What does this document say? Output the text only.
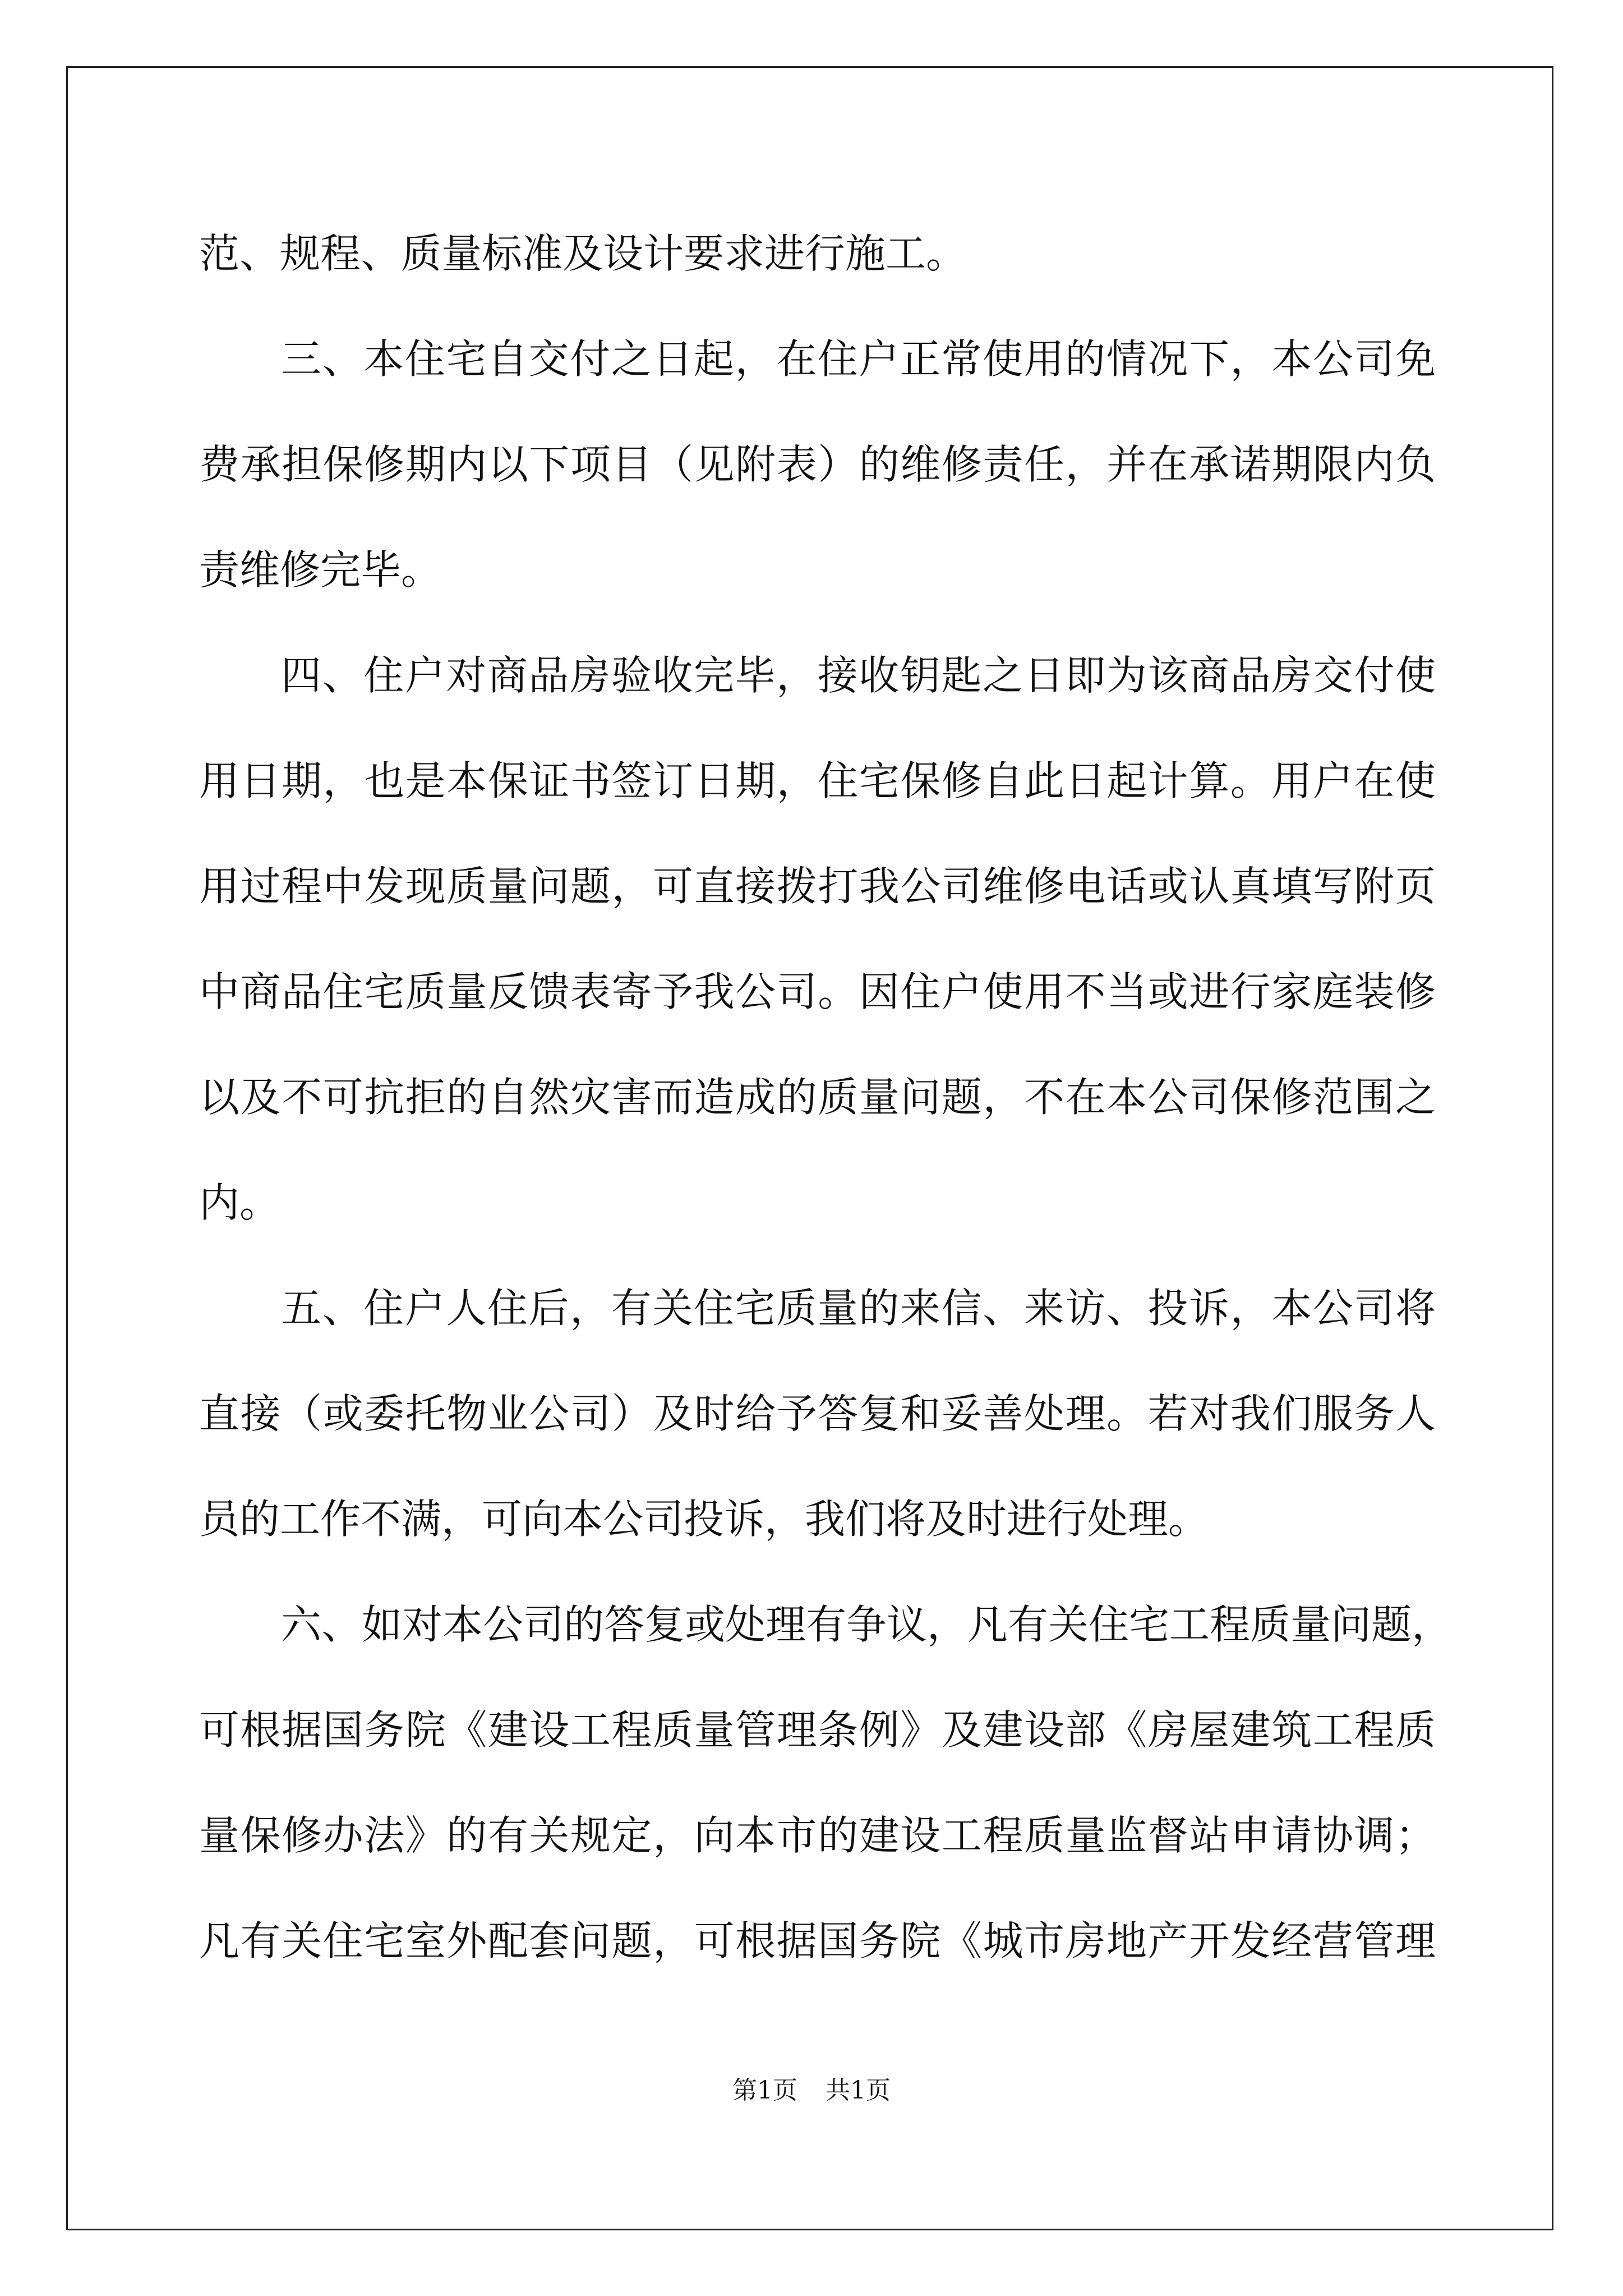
范、规程、质量标准及设计要求进行施工。
三、本住宅自交付之日起，在住户正常使用的情况下，本公司免
费承担保修期内以下项目（见附表）的维修责任，并在承诺期限内负
责维修完毕。
四、住户对商品房验收完毕，接收钥匙之日即为该商品房交付使
用日期，也是本保证书签订日期，住宅保修自此日起计算。用户在使
用过程中发现质量问题，可直接拨打我公司维修电话或认真填写附页
中商品住宅质量反馈表寄予我公司。因住户使用不当或进行家庭装修
以及不可抗拒的自然灾害而造成的质量问题，不在本公司保修范围之
内。
五、住户人住后，有关住宅质量的来信、来访、投诉，本公司将
直接（或委托物业公司）及时给予答复和妥善处理。若对我们服务人
员的工作不满，可向本公司投诉，我们将及时进行处理。
六、如对本公司的答复或处理有争议，凡有关住宅工程质量问题，
可根据国务院《建设工程质量管理条例》及建设部《房屋建筑工程质
量保修办法》的有关规定，向本市的建设工程质量监督站申请协调；
凡有关住宅室外配套问题，可根据国务院《城市房地产开发经营管理
第1页 共1页
